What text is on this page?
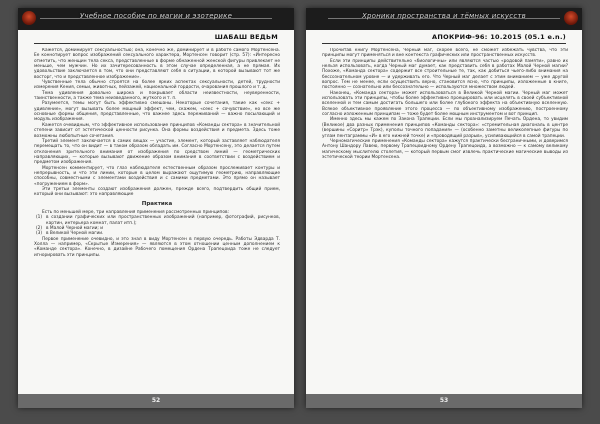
Учебное пособие по магии и эзотерике
ШАБАШ ВЕДЬМ

Кажется, доминирует сексуальностью; она, конечно же, доминирует и в работе самого Мортенсена. Ее коннотирует вопрос изображений сексуального характера, Мортенсен говорит (стр. 57): «Интересно отметить, что женщин тела секса, представленные в форме обнаженной женской фигуры привлекает не меньше, чем мужчин. Но их зачитересованность в этом случае определенная, а не прямая. Их удовольствие заключается в том, что они представляют себя в ситуации, в которой вызывают тот же восторг, что и представленное изображение».

Чувственные тела обычно строятся на более ярких аспектах сексуальности, детей, трудности измерения Кения, семьи, животных, пейзажей, национальной гордости, очарования прошлого и т. д.

Тема удивления довольно широка и покрывает области неизвестности, неуверенности, таинственности, а также тема неизведанного, жуткого и т. п.

Разумеется, темы могут быть эффективно смешаны. Некоторые сочетания, такие как «секс + удивление», могут вызывать более мощный эффект, чем, скажем, «секс + сочувствие», но все же основные формы общения, представленные, что важнее здесь переживаний — важно посылающий и модуль изображения.

Кажется очевидным, что эффективное использование принципов «Команды сектора» в значительной степени зависит от эстетической ценности рисунка. Она формы воздействия и предмета. Здесь тоже возможны любопытные сочетания.

Третий элемент заключается в самих вещах — участие, элемент, который заставляет наблюдателя перемещать то, что он видит — в таком образом обладать им. Согласно Мортенсену, это делается путем отклонения зрительного внимания от изображения по средством линий — геометрических направляющих, — которые вызывают движение образом внимания в соответствии с воздействием и предметом изображения.

Мортенсен комментирует, что глаз наблюдателя естественным образом прослеживает контуры и непрерывность, и что эти линии, которые в целом выражают ощутимую геометрию, направляющие способны, совместными с элементами воздействия и с самими предметами. Это прямо он называет «погружением в форм».

Эти третьи элементы создают изображения должен, прежде всего, подтвердить общий прием, который они вызывают: это направляющие

Практика

Есть по меньшей мере, три направления применения рассмотренных принципов:

(1) в создании графических или пространственных изображений (например, фотографий, рисунков, картин, интерьера комнат, палат итп.);

(2) в Малой Черной магии; и

(3) в Великой Черной магии.

Первое применение очевидно, и это знал в виду Мортенсен в первую очередь. Работы Эдварда Т. Холла — например, «Скрытые Измерения» — являются в этом отношении ценным дополнением к «Команде сектора». Конечно, в дизайне Рабочего помещения Ордена Трапецоида тоже не следует игнорировать эти принципы.

52
Хроники пространства и тёмных искусств
АПОКРИФ-96: 10.2015 (05.1 e.n.)

Прочитав книгу Мортенсена, Черный маг, скорее всего, не сможет избежать чувства, что эти принципы могут применяться и вне контекста графических или пространственных искусств.

Если эти принципы действительно «биологичны» или являются частью «родовой памяти», равно их нельзя использовать, когда Черный маг думает, как представить себя в работах Малой Черной магии? Похоже, «Команда сектора» содержит все строительные те, так, как добиться чьего-либо внимания на бессознательном уровне — и удерживать его. Что Черный маг делает с этим вниманием — уже другой вопрос. Тем не менее, если осуществить верно, становится ясно, что принципы, изложенные в книге, постоянно — сознательно или бессознательно — используются множеством людей.

Наконец, «Команда сектора» может использоваться в Великой Черной магии. Черный маг может использовать эти принципы, чтобы более эффективно проецировать или исцелять в своей субъективной вселенной и тем самым достигать большего или более глубокого эффекта на объективную вселенную. Всякое объективное проявление этого процесса — по объективному изображению, построенному согласно изложенным принципам — тоже будет более мощным инструментом и вот принцип.

Именно здесь мы кажем по Закона Трапеции. Если мы проанализируем Печать Ордена, то увидим (Великое) два разных применения принципов «Команды сектора»: «стремительная диагональ в центре (вершины «Соритр» Трэк), куполы точного попадания» — (особенно заметны великолепные фигуры по углам пентаграммы «И» в его нижней точке) и «проводящий разрыв», усиливающийся в самой трапеции.

Черномагические применения «Команды сектора» кажутся практически бесграничными, и доверимся Антону Шандору Лавею, первому Трапецоидному Ордену Трапецоида, а возможно — к самому великому магическому мыслителю столетия, — который первым смог извлечь практические магические выводы из эстетической теории Мортенсена.

53
